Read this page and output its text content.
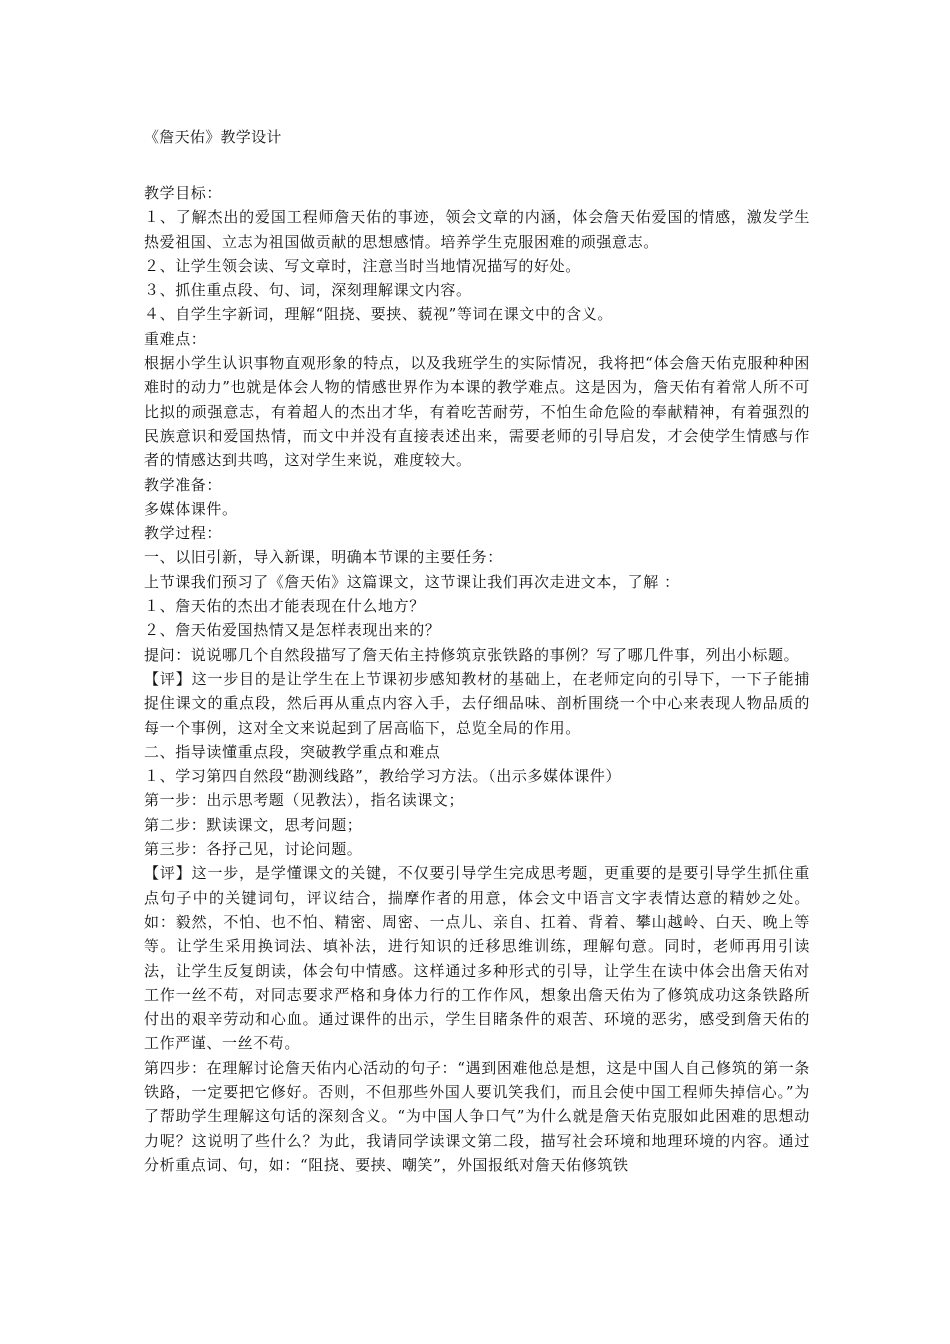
《詹天佑》教学设计

教学目标：

１、了解杰出的爱国工程师詹天佑的事迹，领会文章的内涵，体会詹天佑爱国的情感，激发学生热爱祖国、立志为祖国做贡献的思想感情。培养学生克服困难的顽强意志。

２、让学生领会读、写文章时，注意当时当地情况描写的好处。

３、抓住重点段、句、词，深刻理解课文内容。

４、自学生字新词，理解“阻挠、要挟、藐视”等词在课文中的含义。

重难点：

根据小学生认识事物直观形象的特点，以及我班学生的实际情况，我将把“体会詹天佑克服种种困难时的动力”也就是体会人物的情感世界作为本课的教学难点。这是因为，詹天佑有着常人所不可比拟的顽强意志，有着超人的杰出才华，有着吃苦耐劳，不怕生命危险的奉献精神，有着强烈的民族意识和爱国热情，而文中并没有直接表述出来，需要老师的引导启发，才会使学生情感与作者的情感达到共鸣，这对学生来说，难度较大。

教学准备：

多媒体课件。

教学过程：

一、以旧引新，导入新课，明确本节课的主要任务：

上节课我们预习了《詹天佑》这篇课文，这节课让我们再次走进文本，了解 ：

１、詹天佑的杰出才能表现在什么地方？

２、詹天佑爱国热情又是怎样表现出来的？

提问：说说哪几个自然段描写了詹天佑主持修筑京张铁路的事例？写了哪几件事，列出小标题。

【评】这一步目的是让学生在上节课初步感知教材的基础上，在老师定向的引导下，一下子能捕捉住课文的重点段，然后再从重点内容入手，去仔细品味、剖析围绕一个中心来表现人物品质的每一个事例，这对全文来说起到了居高临下，总览全局的作用。

二、指导读懂重点段，突破教学重点和难点

１、学习第四自然段“勘测线路”，教给学习方法。（出示多媒体课件）

第一步：出示思考题（见教法），指名读课文；

第二步：默读课文，思考问题；

第三步：各抒己见，讨论问题。

【评】这一步，是学懂课文的关键，不仅要引导学生完成思考题，更重要的是要引导学生抓住重点句子中的关键词句，评议结合，揣摩作者的用意，体会文中语言文字表情达意的精妙之处。如：毅然，不怕、也不怕、精密、周密、一点儿、亲自、扛着、背着、攀山越岭、白天、晚上等等。让学生采用换词法、填补法，进行知识的迁移思维训练，理解句意。同时，老师再用引读法，让学生反复朗读，体会句中情感。这样通过多种形式的引导，让学生在读中体会出詹天佑对工作一丝不苟，对同志要求严格和身体力行的工作作风，想象出詹天佑为了修筑成功这条铁路所付出的艰辛劳动和心血。通过课件的出示，学生目睹条件的艰苦、环境的恶劣，感受到詹天佑的工作严谨、一丝不苟。

第四步：在理解讨论詹天佑内心活动的句子：“遇到困难他总是想，这是中国人自己修筑的第一条铁路，一定要把它修好。否则，不但那些外国人要讥笑我们，而且会使中国工程师失掉信心。”为了帮助学生理解这句话的深刻含义。“为中国人争口气”为什么就是詹天佑克服如此困难的思想动力呢？这说明了些什么？为此，我请同学读课文第二段，描写社会环境和地理环境的内容。通过分析重点词、句，如：“阻挠、要挟、嘲笑”，外国报纸对詹天佑修筑铁
